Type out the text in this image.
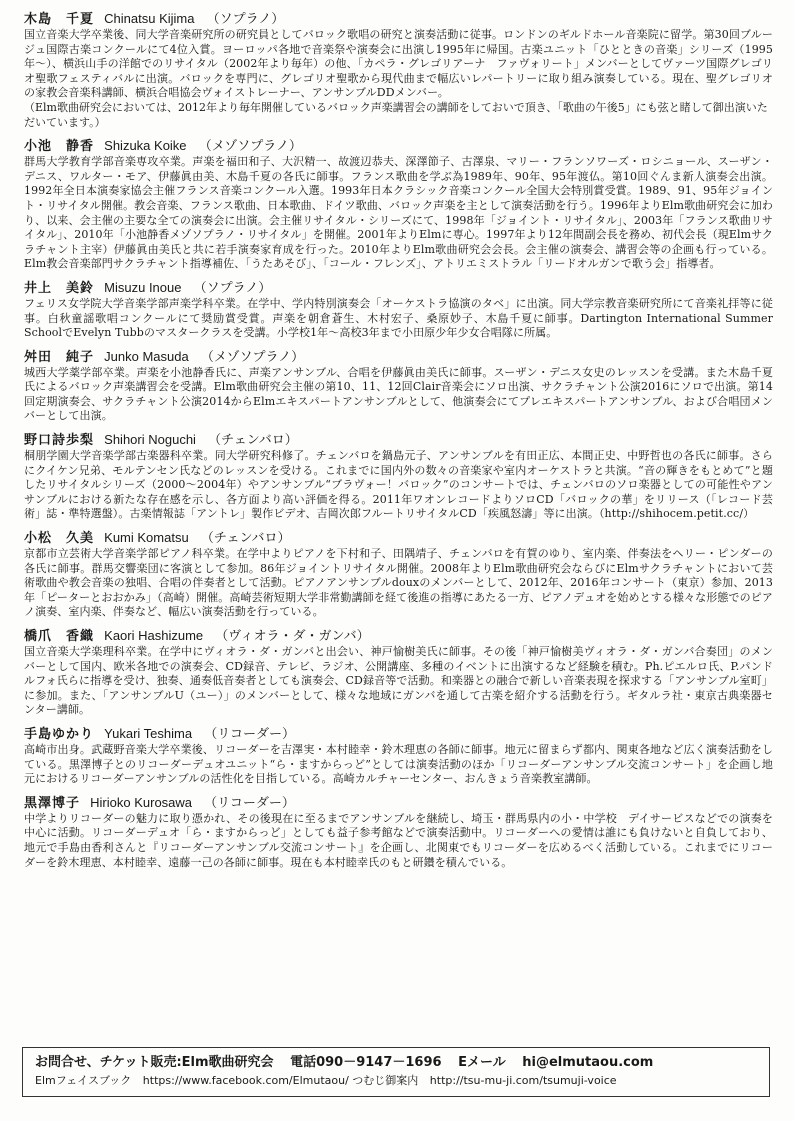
木島　千夏 Chinatsu Kijima （ソプラノ）
国立音楽大学卒業後、同大学音楽研究所の研究員としてバロック歌唱の研究と演奏活動に従事。ロンドンのギルドホール音楽院に留学。第30回ブルージュ国際古楽コンクールにて4位入賞。ヨーロッパ各地で音楽祭や演奏会に出演し1995年に帰国。古楽ユニット「ひとときの音楽」シリーズ（1995年〜）、横浜山手の洋館でのリサイタル（2002年より毎年）の他、「カペラ・グレゴリアーナ　ファヴォリート」メンバーとしてヴァーツ国際グレゴリオ聖歌フェスティバルに出演。バロックを専門に、グレゴリオ聖歌から現代曲まで幅広いレパートリーに取り組み演奏している。現在、聖グレゴリオの家教会音楽科講師、横浜合唱協会ヴォイストレーナー、アンサンブルDDメンバー。
（Elm歌曲研究会においては、2012年より毎年開催しているバロック声楽講習会の講師をしておいで頂き、「歌曲の午後5」にも弦と睹して御出演いただいています。）
小池　静香 Shizuka Koike （メゾソプラノ）
群馬大学教育学部音楽専攻卒業。声楽を福田和子、大沢精一、故渡辺恭夫、深澤節子、古澤泉、マリー・フランソワーズ・ロシニョール、スーザン・デニス、ワルター・モア、伊藤眞由美、木島千夏の各氏に師事。フランス歌曲を学ぶ為1989年、90年、95年渡仏。第10回ぐんま新人演奏会出演。1992年全日本演奏家協会主催フランス音楽コンクール入選。1993年日本クラシック音楽コンクール全国大会特別賞受賞。1989、91、95年ジョイント・リサイタル開催。教会音楽、フランス歌曲、日本歌曲、ドイツ歌曲、バロック声楽を主として演奏活動を行う。1996年よりElm歌曲研究会に加わり、以来、会主催の主要な全ての演奏会に出演。会主催リサイタル・シリーズにて、1998年「ジョイント・リサイタル」、2003年「フランス歌曲リサイタル」、2010年「小池静香メゾソプラノ・リサイタル」を開催。2001年よりElmに専心。1997年より12年間副会長を務め、初代会長（現Elmサクラチャント主宰）伊藤眞由美氏と共に若手演奏家育成を行った。2010年よりElm歌曲研究会会長。会主催の演奏会、講習会等の企画も行っている。Elm教会音楽部門サクラチャント指導補佐、「うたあそび」、「コール・フレンズ」、アトリエミストラル「リードオルガンで歌う会」指導者。
井上　美鈴 Misuzu Inoue （ソプラノ）
フェリス女学院大学音楽学部声楽学科卒業。在学中、学内特別演奏会「オーケストラ協演のタベ」に出演。同大学宗教音楽研究所にて音楽礼拝等に従事。白秋童謡歌唱コンクールにて奨励賞受賞。声楽を朝倉蒼生、木村宏子、桑原妙子、木島千夏に師事。Dartington International Summer SchoolでEvelyn Tubbのマスタークラスを受講。小学校1年〜高校3年まで小田原少年少女合唱隊に所属。
舛田　純子 Junko Masuda （メゾソプラノ）
城西大学薬学部卒業。声楽を小池静香氏に、声楽アンサンブル、合唱を伊藤眞由美氏に師事。スーザン・デニス女史のレッスンを受講。また木島千夏氏によるバロック声楽講習会を受講。Elm歌曲研究会主催の第10、11、12回Clair音楽会にソロ出演、サクラチャント公演2016にソロで出演。第14回定期演奏会、サクラチャント公演2014からElmエキスパートアンサンブルとして、他演奏会にてプレエキスパートアンサンブル、および合唱団メンバーとして出演。
野口詩歩梨 Shihori Noguchi （チェンバロ）
桐朋学園大学音楽学部古楽器科卒業。同大学研究科修了。チェンバロを鍋島元子、アンサンブルを有田正広、本間正史、中野哲也の各氏に師事。さらにクイケン兄弟、モルテンセン氏などのレッスンを受ける。これまでに国内外の数々の音楽家や室内オーケストラと共演。“音の輝きをもとめて”と題したリサイタルシリーズ（2000〜2004年）やアンサンブル“ブラヴォー！バロック”のコンサートでは、チェンバロのソロ楽器としての可能性やアンサンブルにおける新たな存在感を示し、各方面より高い評価を得る。2011年ワオンレコードよりソロCD「バロックの華」をリリース（「レコード芸術」誌・準特選盤）。古楽情報誌「アントレ」製作ビデオ、吉岡次郎フルートリサイタルCD「疾風怒濤」等に出演。（http://shihocem.petit.cc/）
小松　久美 Kumi Komatsu （チェンバロ）
京都市立芸術大学音楽学部ピアノ科卒業。在学中よりピアノを下村和子、田隅靖子、チェンバロを有賀のゆり、室内楽、伴奏法をヘリー・ピンダーの各氏に師事。群馬交響楽団に客演として参加。86年ジョイントリサイタル開催。2008年よりElm歌曲研究会ならびにElmサクラチャントにおいて芸術歌曲や教会音楽の独唱、合唱の伴奏者として活動。ピアノアンサンブルdouxのメンバーとして、2012年、2016年コンサート（東京）参加、2013年「ピーターとおおかみ」（高崎）開催。高崎芸術短期大学非常勤講師を経て後進の指導にあたる一方、ピアノデュオを始めとする様々な形態でのピアノ演奏、室内楽、伴奏など、幅広い演奏活動を行っている。
橋爪　香織 Kaori Hashizume （ヴィオラ・ダ・ガンバ）
国立音楽大学楽理科卒業。在学中にヴィオラ・ダ・ガンバと出会い、神戸愉樹美氏に師事。その後「神戸愉樹美ヴィオラ・ダ・ガンバ合奏団」のメンバーとして国内、欧米各地での演奏会、CD録音、テレビ、ラジオ、公開講座、多種のイベントに出演するなど経験を積む。Ph.ピエルロ氏、P.パンドルフォ氏らに指導を受け、独奏、通奏低音奏者としても演奏会、CD録音等で活動。和楽器との融合で新しい音楽表現を探求する「アンサンブル室町」に参加。また、「アンサンブルU（ユー）」のメンバーとして、様々な地域にガンバを通して古楽を紹介する活動を行う。ギタルラ社・東京古典楽器センター講師。
手島ゆかり Yukari Teshima （リコーダー）
高崎市出身。武蔵野音楽大学卒業後、リコーダーを吉澤実・本村睦幸・鈴木理恵の各師に師事。地元に留まらず都内、関東各地など広く演奏活動をしている。黒澤博子とのリコーダーデュオユニット“ら・ますからっど”としては演奏活動のほか「リコーダーアンサンブル交流コンサート」を企画し地元におけるリコーダーアンサンブルの活性化を目指している。高崎カルチャーセンター、おんきょう音楽教室講師。
黒澤博子 Hirioko Kurosawa （リコーダー）
中学よりリコーダーの魅力に取り憑かれ、その後現在に至るまでアンサンブルを継続し、埼玉・群馬県内の小・中学校　デイサービスなどでの演奏を中心に活動。リコーダーデュオ「ら・ますからっど」としても益子参考館などで演奏活動中。リコーダーへの愛情は誰にも負けないと自負しており、地元で手島由香利さんと『リコーダーアンサンブル交流コンサート』を企画し、北関東でもリコーダーを広めるべく活動している。これまでにリコーダーを鈴木理恵、本村睦幸、遠藤一己の各師に師事。現在も本村睦幸氏のもと研鑽を積んでいる。
お問合せ、チケット販売:Elm歌曲研究会 電話090－9147－1696 Eメール hi@elmutaou.com
Elmフェイスブック https://www.facebook.com/Elmutaou/ つむじ御案内 http://tsu-mu-ji.com/tsumuji-voice
